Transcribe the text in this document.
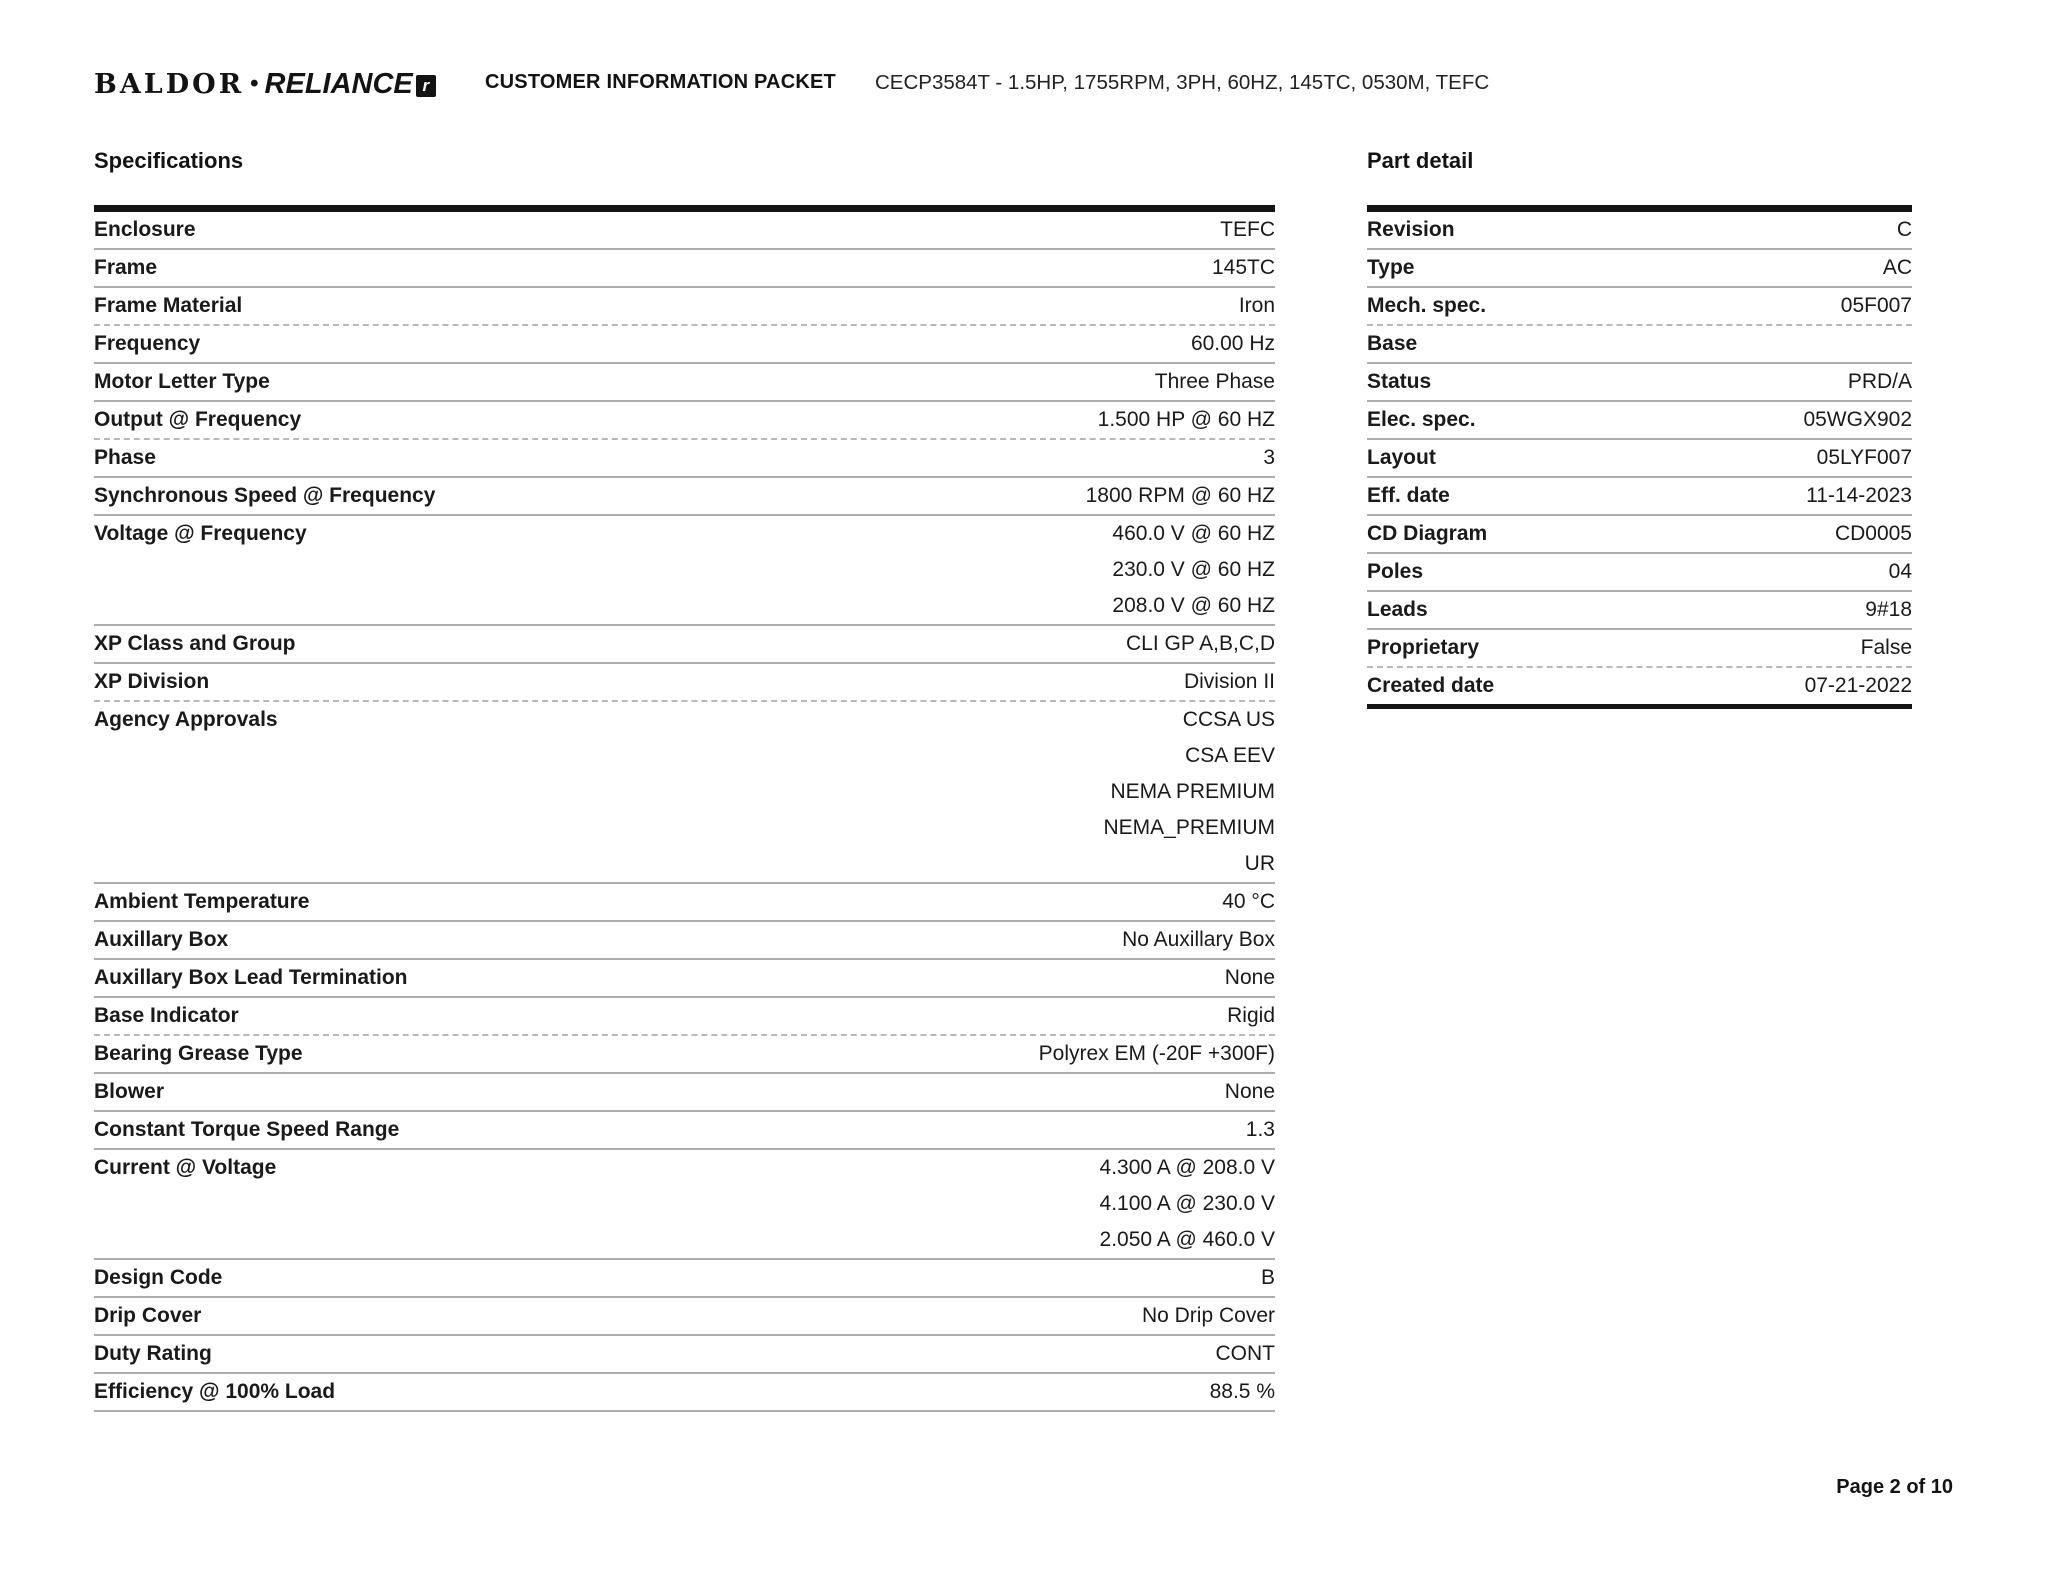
BALDOR • RELIANCE r	CUSTOMER INFORMATION PACKET CECP3584T - 1.5HP, 1755RPM, 3PH, 60HZ, 145TC, 0530M, TEFC
Specifications	Part detail
Enclosure	TEFC
Frame	145TC
Frame Material	Iron
Frequency	60.00 Hz
Motor Letter Type	Three Phase
Output @ Frequency	1.500 HP @ 60 HZ
Phase	3
Synchronous Speed @ Frequency	1800 RPM @ 60 HZ
Voltage @ Frequency	460.0 V @ 60 HZ
230.0 V @ 60 HZ
208.0 V @ 60 HZ
XP Class and Group	CLI GP A,B,C,D
XP Division	Division II
Agency Approvals	CCSA US
CSA EEV
NEMA PREMIUM
NEMA_PREMIUM
UR
Ambient Temperature	40 °C
Auxillary Box	No Auxillary Box
Auxillary Box Lead Termination	None
Base Indicator	Rigid
Bearing Grease Type	Polyrex EM (-20F +300F)
Blower	None
Constant Torque Speed Range	1.3
Current @ Voltage	4.300 A @ 208.0 V
4.100 A @ 230.0 V
2.050 A @ 460.0 V
Design Code	B
Drip Cover	No Drip Cover
Duty Rating	CONT
Efficiency @ 100% Load	88.5 %
Revision	C
Type	AC
Mech. spec.	05F007
Base
Status	PRD/A
Elec. spec.	05WGX902
Layout	05LYF007
Eff. date	11-14-2023
CD Diagram	CD0005
Poles	04
Leads	9#18
Proprietary	False
Created date	07-21-2022
Page 2 of 10
